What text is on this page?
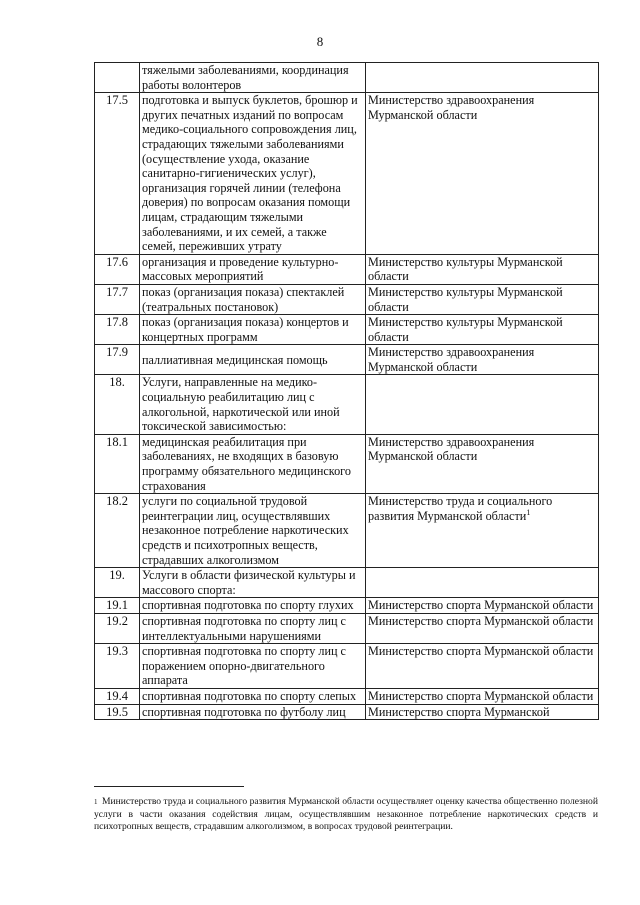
8
	тяжелыми заболеваниями, координация работы волонтеров	
17.5	подготовка и выпуск буклетов, брошюр и других печатных изданий по вопросам медико-социального сопровождения лиц, страдающих тяжелыми заболеваниями (осуществление ухода, оказание санитарно-гигиенических услуг), организация горячей линии (телефона доверия) по вопросам оказания помощи лицам, страдающим тяжелыми заболеваниями, и их семей, а также семей, переживших утрату	Министерство здравоохранения Мурманской области
17.6	организация и проведение культурно-массовых мероприятий	Министерство культуры Мурманской области
17.7	показ (организация показа) спектаклей (театральных постановок)	Министерство культуры Мурманской области
17.8	показ (организация показа) концертов и концертных программ	Министерство культуры Мурманской области
17.9	паллиативная медицинская помощь	Министерство здравоохранения Мурманской области
18.	Услуги, направленные на медико-социальную реабилитацию лиц с алкогольной, наркотической или иной токсической зависимостью:	
18.1	медицинская реабилитация при заболеваниях, не входящих в базовую программу обязательного медицинского страхования	Министерство здравоохранения Мурманской области
18.2	услуги по социальной трудовой реинтеграции лиц, осуществлявших незаконное потребление наркотических средств и психотропных веществ, страдавших алкоголизмом	Министерство труда и социального развития Мурманской области$^1$
19.	Услуги в области физической культуры и массового спорта:	
19.1	спортивная подготовка по спорту глухих	Министерство спорта Мурманской области
19.2	спортивная подготовка по спорту лиц с интеллектуальными нарушениями	Министерство спорта Мурманской области
19.3	спортивная подготовка по спорту лиц с поражением опорно-двигательного аппарата	Министерство спорта Мурманской области
19.4	спортивная подготовка по спорту слепых	Министерство спорта Мурманской области
19.5	спортивная подготовка по футболу лиц	Министерство спорта Мурманской
$^1$ Министерство труда и социального развития Мурманской области осуществляет оценку качества общественно полезной услуги в части оказания содействия лицам, осуществлявшим незаконное потребление наркотических средств и психотропных веществ, страдавшим алкоголизмом, в вопросах трудовой реинтеграции.
